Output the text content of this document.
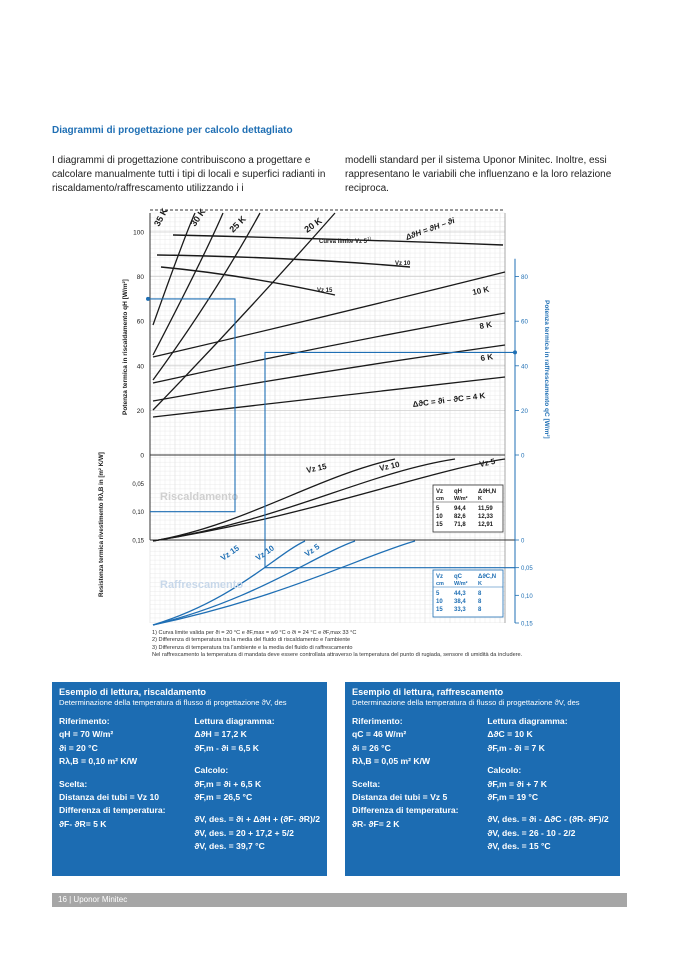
Diagrammi di progettazione per calcolo dettagliato
I diagrammi di progettazione contribuiscono a progettare e calcolare manualmente tutti i tipi di locali e superfici radianti in riscaldamento/raffrescamento utilizzando i i
modelli standard per il sistema Uponor Minitec. Inoltre, essi rappresentano le variabili che influenzano e la loro relazione reciproca.
100
80
60
40
20
0
0,05
0,10
0,15
80
60
40
20
0
0
0,05
0,10
0,15
Potenza termica in riscaldamento qH [W/m²]	Potenza termica in raffrescamento qC [W/m²]
Resistenza termica rivestimento Rλ,B in [m² K/W]
35 K 30 K 25 K	20 K
10 K
8 K
6 K
ΔϑC = ϑi – ϑC = 4 K
ΔϑH = ϑH – ϑi
Curva limite Vz 5
1)
Vz 10
Vz 15
Vz 15	Vz 10	Vz 5
Riscaldamento
Vz 15 Vz 10	Vz 5
Raffrescamento
Vz qH	ΔϑH,N
cm W/m² K
5 94,4 11,59
10 82,6 12,33
15 71,8 12,91
Vz qC	ΔϑC,N
cm W/m² K
5 44,3 8
10 38,4 8
15 33,3 8
1) Curva limite valida per ϑi = 20 °C e ϑF,max = w9 °C o ϑi = 24 °C e ϑF,max 33 °C
2) Differenza di temperatura tra la media del fluido di riscaldamento e l'ambiente
3) Differenza di temperatura tra l'ambiente e la media del fluido di raffrescamento
Nel raffrescamento la temperatura di mandata deve essere controllata attraverso la temperatura del punto di rugiada, sensore di umidità da includere.
Esempio di lettura, riscaldamento
Determinazione della temperatura di flusso di progettazione ϑV, des
Riferimento:
qH = 70 W/m²
ϑi = 20 °C
Rλ,B = 0,10 m² K/W
Scelta:
Distanza dei tubi = Vz 10
Differenza di temperatura:
ϑF- ϑR= 5 K
Lettura diagramma:
ΔϑH = 17,2 K
ϑF,m - ϑi = 6,5 K
Calcolo:
ϑF,m = ϑi + 6,5 K
ϑF,m = 26,5 °C
ϑV, des. = ϑi + ΔϑH + (ϑF- ϑR)/2
ϑV, des. = 20 + 17,2 + 5/2
ϑV, des. = 39,7 °C
Esempio di lettura, raffrescamento
Determinazione della temperatura di flusso di progettazione ϑV, des
Riferimento:
qC = 46 W/m²
ϑi = 26 °C
Rλ,B = 0,05 m² K/W
Scelta:
Distanza dei tubi = Vz 5
Differenza di temperatura:
ϑR- ϑF= 2 K
Lettura diagramma:
ΔϑC = 10 K
ϑF,m - ϑi = 7 K
Calcolo:
ϑF,m = ϑi + 7 K
ϑF,m = 19 °C
ϑV, des. = ϑi - ΔϑC - (ϑR- ϑF)/2
ϑV, des. = 26 - 10 - 2/2
ϑV, des. = 15 °C
16 | Uponor Minitec
